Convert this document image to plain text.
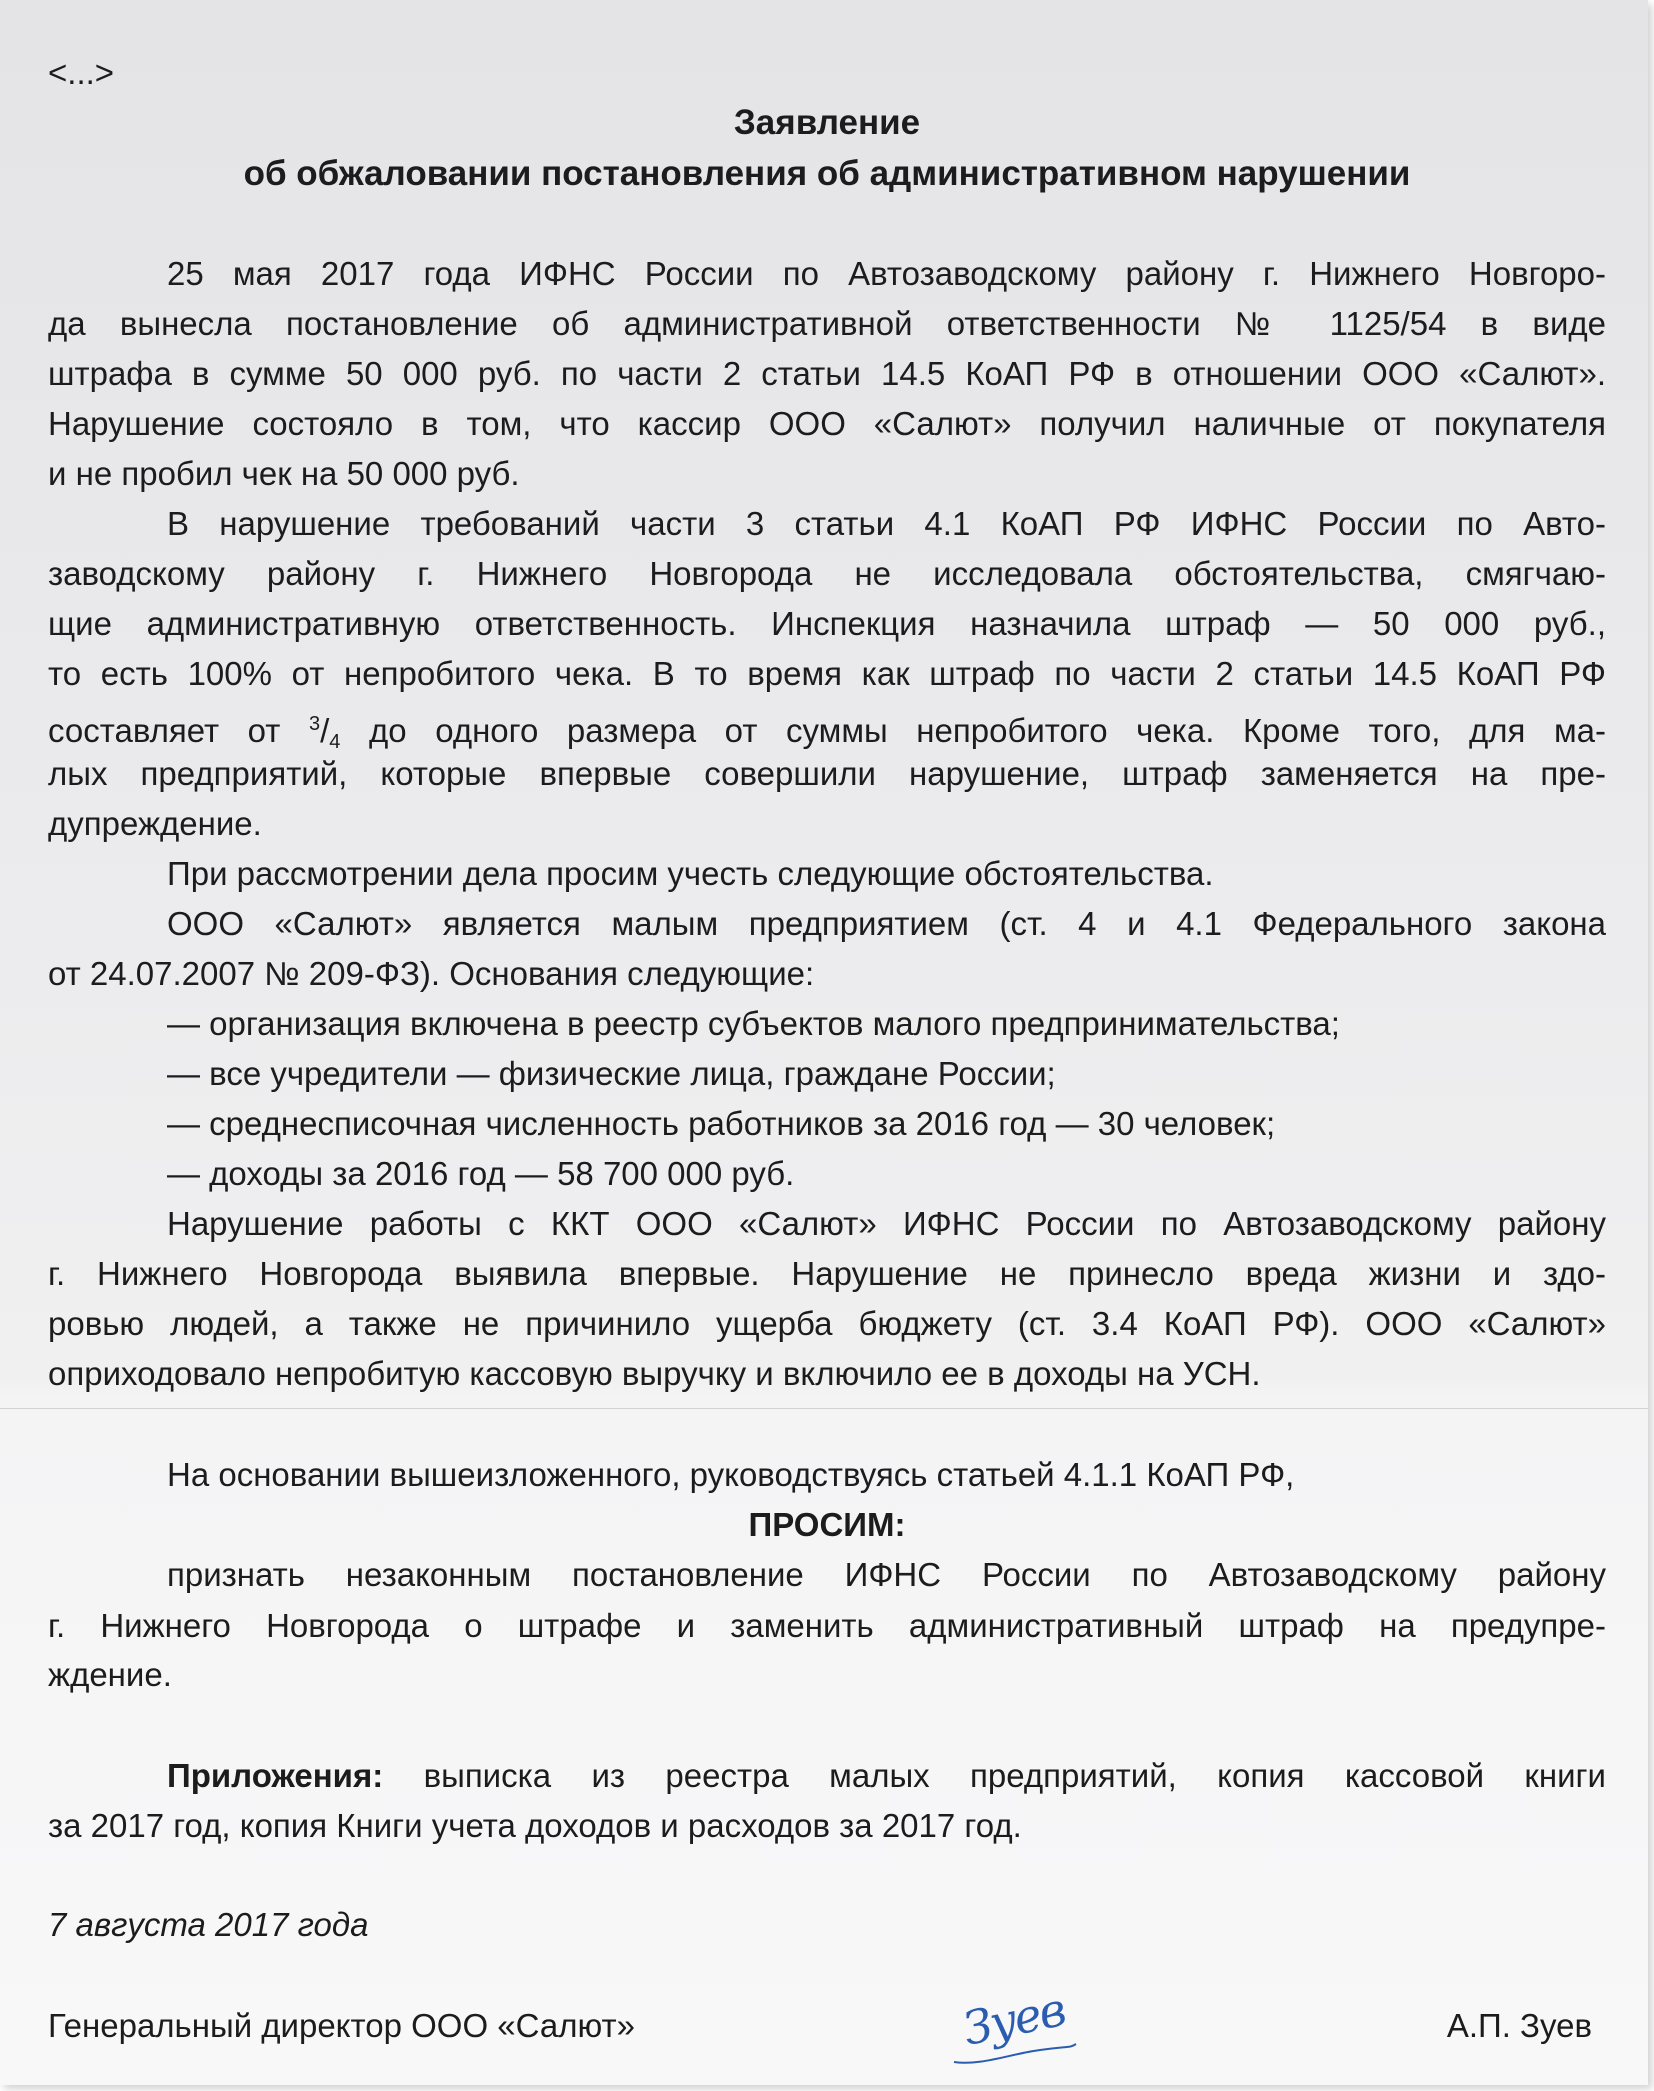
<...>
Заявление
об обжаловании постановления об административном нарушении
25 мая 2017 года ИФНС России по Автозаводскому району г. Нижнего Новгоро-
да вынесла постановление об административной ответственности № 1125/54 в виде
штрафа в сумме 50 000 руб. по части 2 статьи 14.5 КоАП РФ в отношении ООО «Салют».
Нарушение состояло в том, что кассир ООО «Салют» получил наличные от покупателя
и не пробил чек на 50 000 руб.
В нарушение требований части 3 статьи 4.1 КоАП РФ ИФНС России по Авто-
заводскому району г. Нижнего Новгорода не исследовала обстоятельства, смягчаю-
щие административную ответственность. Инспекция назначила штраф — 50 000 руб.,
то есть 100% от непробитого чека. В то время как штраф по части 2 статьи 14.5 КоАП РФ
составляет от $^3/_4$ до одного размера от суммы непробитого чека. Кроме того, для ма-
лых предприятий, которые впервые совершили нарушение, штраф заменяется на пре-
дупреждение.
При рассмотрении дела просим учесть следующие обстоятельства.
ООО «Салют» является малым предприятием (ст. 4 и 4.1 Федерального закона
от 24.07.2007 № 209-ФЗ). Основания следующие:
— организация включена в реестр субъектов малого предпринимательства;
— все учредители — физические лица, граждане России;
— среднесписочная численность работников за 2016 год — 30 человек;
— доходы за 2016 год — 58 700 000 руб.
Нарушение работы с ККТ ООО «Салют» ИФНС России по Автозаводскому району
г. Нижнего Новгорода выявила впервые. Нарушение не принесло вреда жизни и здо-
ровью людей, а также не причинило ущерба бюджету (ст. 3.4 КоАП РФ). ООО «Салют»
оприходовало непробитую кассовую выручку и включило ее в доходы на УСН.
На основании вышеизложенного, руководствуясь статьей 4.1.1 КоАП РФ,
ПРОСИМ:
признать незаконным постановление ИФНС России по Автозаводскому району
г. Нижнего Новгорода о штрафе и заменить административный штраф на предупре-
ждение.
Приложения: выписка из реестра малых предприятий, копия кассовой книги
за 2017 год, копия Книги учета доходов и расходов за 2017 год.
7 августа 2017 года
Генеральный директор ООО «Салют»	А.П. Зуев
Зуев
